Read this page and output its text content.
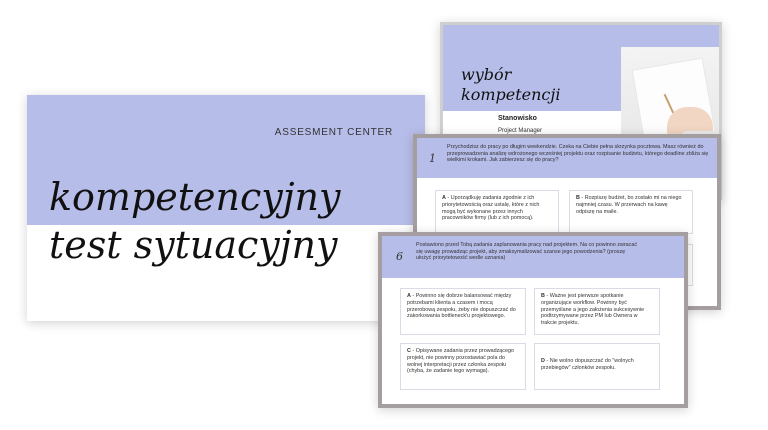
ASSESMENT CENTER
kompetencyjny
test sytuacyjny
wybór
kompetencji
Stanowisko
Project Manager
1
Przychodzisz do pracy po długim weekendzie. Czeka na Ciebie pełna skrzynka pocztowa. Masz również do przeprowadzenia analizę wdrożonego wcześniej projektu oraz rozpisanie budżetu, którego deadline zbliża się wielkimi krokami. Jak zabierzesz się do pracy?
A - Uporządkuję zadania zgodnie z ich priorytetowością oraz ustalę, które z nich mogą być wykonane przez innych pracowników firmy (lub z ich pomocą).
B - Rozpiszę budżet, bo zostało mi na niego najmniej czasu. W przerwach na kawę odpiszę na maile.
6
Postawiono przed Tobą zadania zaplanowania pracy nad projektem. Na co powinno zwracać się uwagę prowadząc projekt, aby zmaksymalizować szanse jego powodzenia? (proszę ułożyć priorytetowość wedle uznania)
A - Powinno się dobrze balansować między potrzebami klienta a czasem i mocą przerobową zespołu, żeby nie dopuszczać do zakorkowania bottleneck'u projektowego.
B - Ważne jest pierwsze spotkanie organizujące workflow. Powinny być przemyślane a jego założenia sukcesywnie podtrzymywane przez PM lub Ownera w trakcie projektu.
C - Opisywane zadania przez prowadzącego projekt, nie powinny pozostawiać pola do wolnej interpretacji przez członka zespołu (chyba, że zadanie tego wymaga).
D - Nie wolno dopuszczać do "wolnych przebiegów" członków zespołu.
